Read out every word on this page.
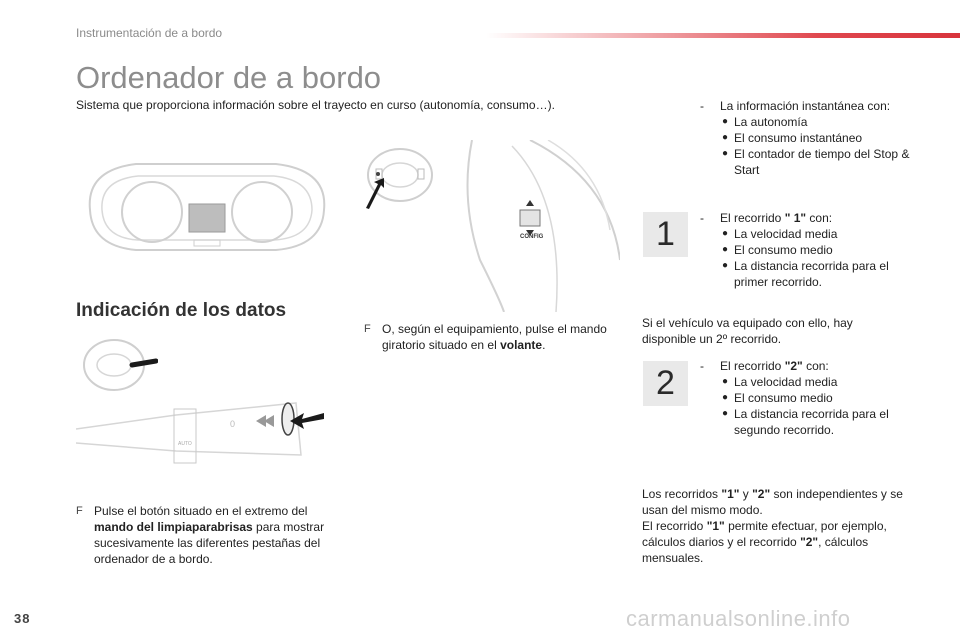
Instrumentación de a bordo
Ordenador de a bordo
Sistema que proporciona información sobre el trayecto en curso (autonomía, consumo…).
CONFIG
Indicación de los datos
AUTO
0
F Pulse el botón situado en el extremo del mando del limpiaparabrisas para mostrar sucesivamente las diferentes pestañas del ordenador de a bordo.
F O, según el equipamiento, pulse el mando giratorio situado en el volante.
- La información instantánea con:
● La autonomía
● El consumo instantáneo
● El contador de tiempo del Stop & Start
1	- El recorrido " 1" con:
● La velocidad media
● El consumo medio
● La distancia recorrida para el primer recorrido.
Si el vehículo va equipado con ello, hay disponible un 2º recorrido.
2	- El recorrido "2" con:
● La velocidad media
● El consumo medio
● La distancia recorrida para el segundo recorrido.
Los recorridos "1" y "2" son independientes y se usan del mismo modo.
El recorrido "1" permite efectuar, por ejemplo, cálculos diarios y el recorrido "2", cálculos mensuales.
38	carmanualsonline.info
